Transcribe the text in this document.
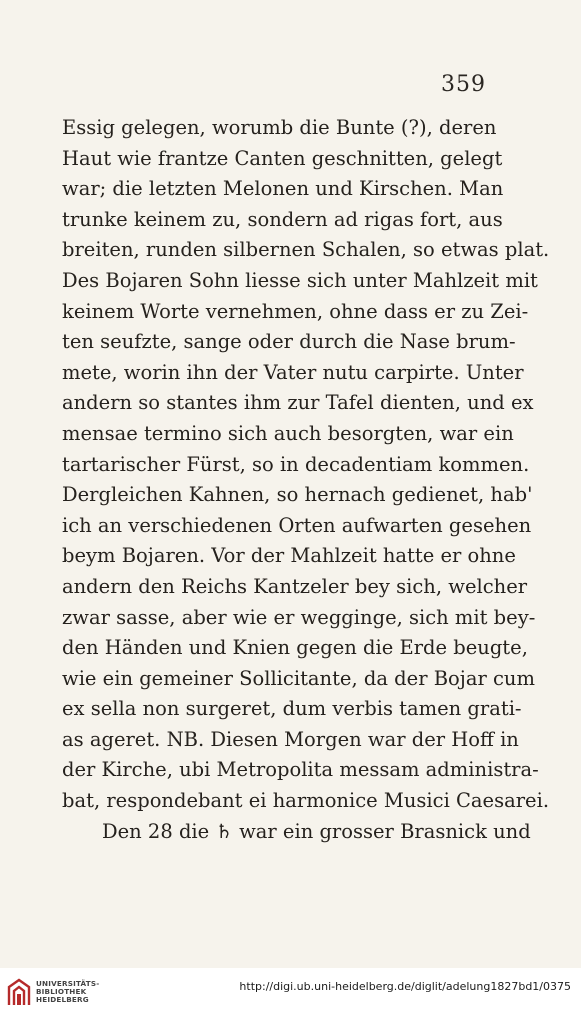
359
Essig gelegen, worumb die Bunte (?), deren
Haut wie frantze Canten geschnitten, gelegt
war; die letzten Melonen und Kirschen. Man
trunke keinem zu, sondern ad rigas fort, aus
breiten, runden silbernen Schalen, so etwas plat.
Des Bojaren Sohn liesse sich unter Mahlzeit mit
keinem Worte vernehmen, ohne dass er zu Zei-
ten seufzte, sange oder durch die Nase brum-
mete, worin ihn der Vater nutu carpirte. Unter
andern so stantes ihm zur Tafel dienten, und ex
mensae termino sich auch besorgten, war ein
tartarischer Fürst, so in decadentiam kommen.
Dergleichen Kahnen, so hernach gedienet, hab'
ich an verschiedenen Orten aufwarten gesehen
beym Bojaren. Vor der Mahlzeit hatte er ohne
andern den Reichs Kantzeler bey sich, welcher
zwar sasse, aber wie er wegginge, sich mit bey-
den Händen und Knien gegen die Erde beugte,
wie ein gemeiner Sollicitante, da der Bojar cum
ex sella non surgeret, dum verbis tamen grati-
as ageret. NB. Diesen Morgen war der Hoff in
der Kirche, ubi Metropolita messam administra-
bat, respondebant ei harmonice Musici Caesarei.
Den 28 die ♄ war ein grosser Brasnick und
UNIVERSITÄTS-
BIBLIOTHEK
HEIDELBERG
http://digi.ub.uni-heidelberg.de/diglit/adelung1827bd1/0375
